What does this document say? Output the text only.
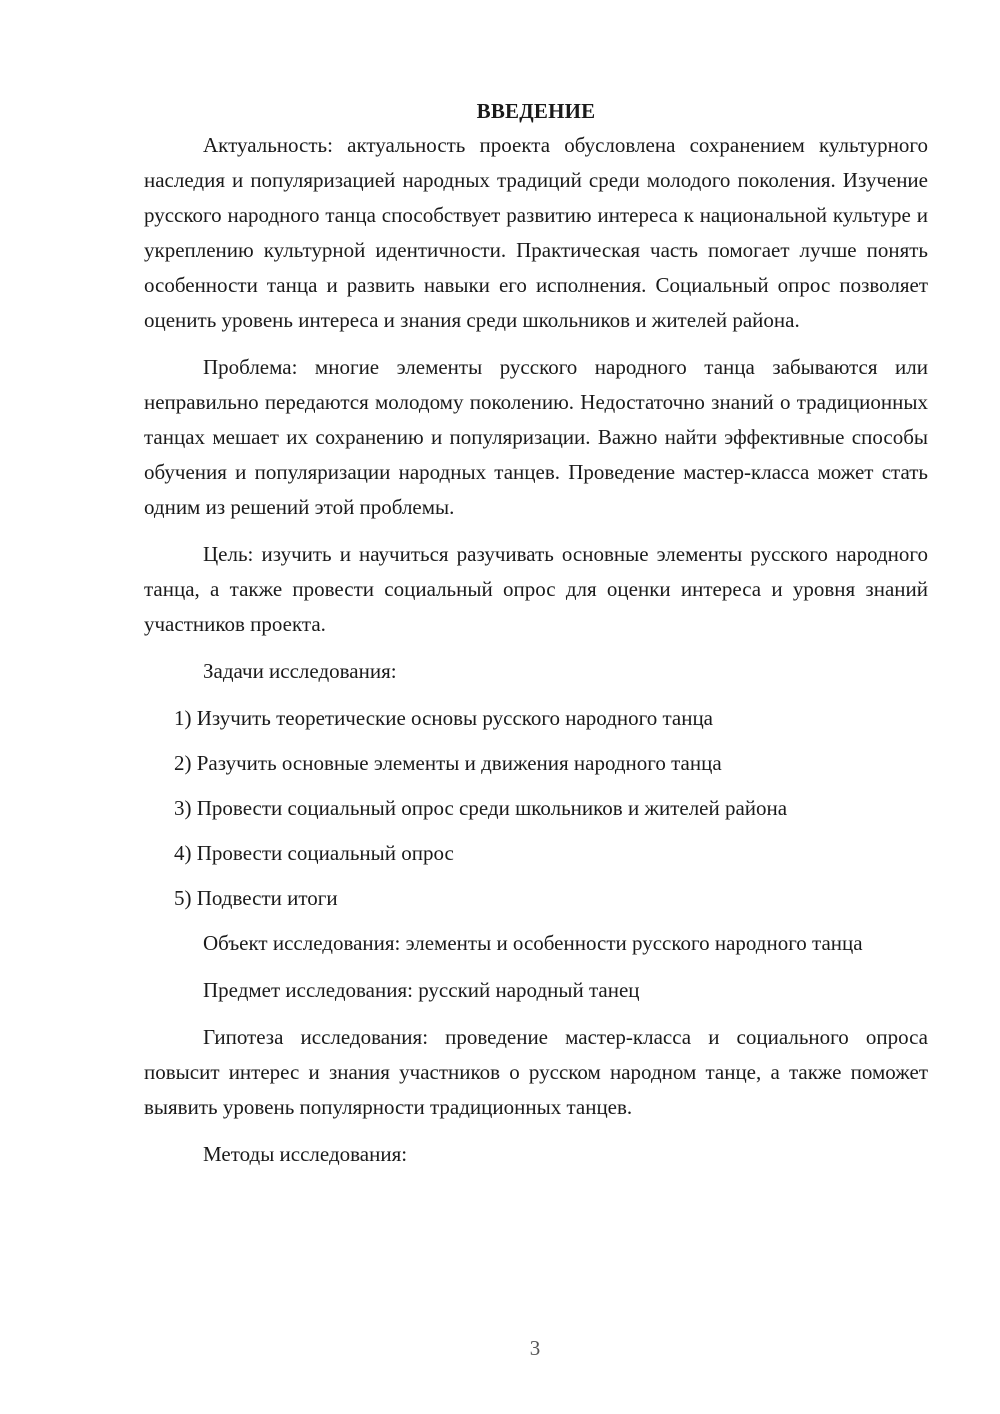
ВВЕДЕНИЕ

Актуальность: актуальность проекта обусловлена сохранением культурного наследия и популяризацией народных традиций среди молодого поколения. Изучение русского народного танца способствует развитию интереса к национальной культуре и укреплению культурной идентичности. Практическая часть помогает лучше понять особенности танца и развить навыки его исполнения. Социальный опрос позволяет оценить уровень интереса и знания среди школьников и жителей района.

Проблема: многие элементы русского народного танца забываются или неправильно передаются молодому поколению. Недостаточно знаний о традиционных танцах мешает их сохранению и популяризации. Важно найти эффективные способы обучения и популяризации народных танцев. Проведение мастер-класса может стать одним из решений этой проблемы.

Цель: изучить и научиться разучивать основные элементы русского народного танца, а также провести социальный опрос для оценки интереса и уровня знаний участников проекта.

Задачи исследования:

1) Изучить теоретические основы русского народного танца
2) Разучить основные элементы и движения народного танца
3) Провести социальный опрос среди школьников и жителей района
4) Провести социальный опрос
5) Подвести итоги

Объект исследования: элементы и особенности русского народного танца

Предмет исследования: русский народный танец

Гипотеза исследования: проведение мастер-класса и социального опроса повысит интерес и знания участников о русском народном танце, а также поможет выявить уровень популярности традиционных танцев.

Методы исследования:

3
